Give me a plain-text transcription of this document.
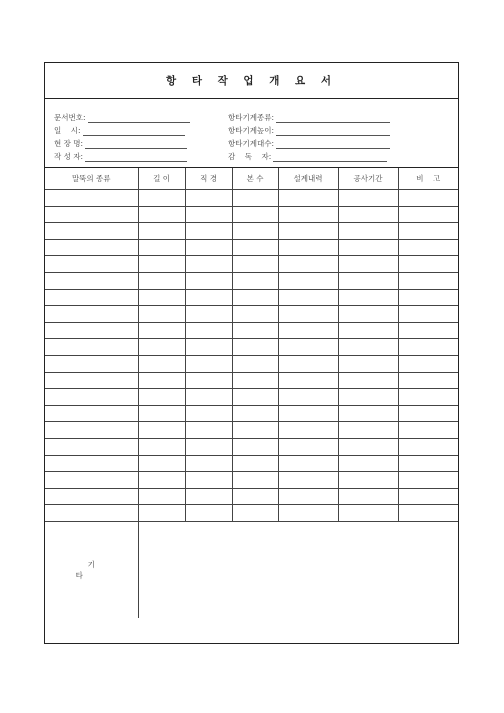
항 타 작 업 개 요 서
문서번호:
일    시:
현 장 명:
작 성 자:
항타기계종류:
항타기계높이:
항타기계대수:
감    독    자:
말뚝의 종류	길 이	직 경	본 수	설계내력	공사기간	비    고

기 타						
